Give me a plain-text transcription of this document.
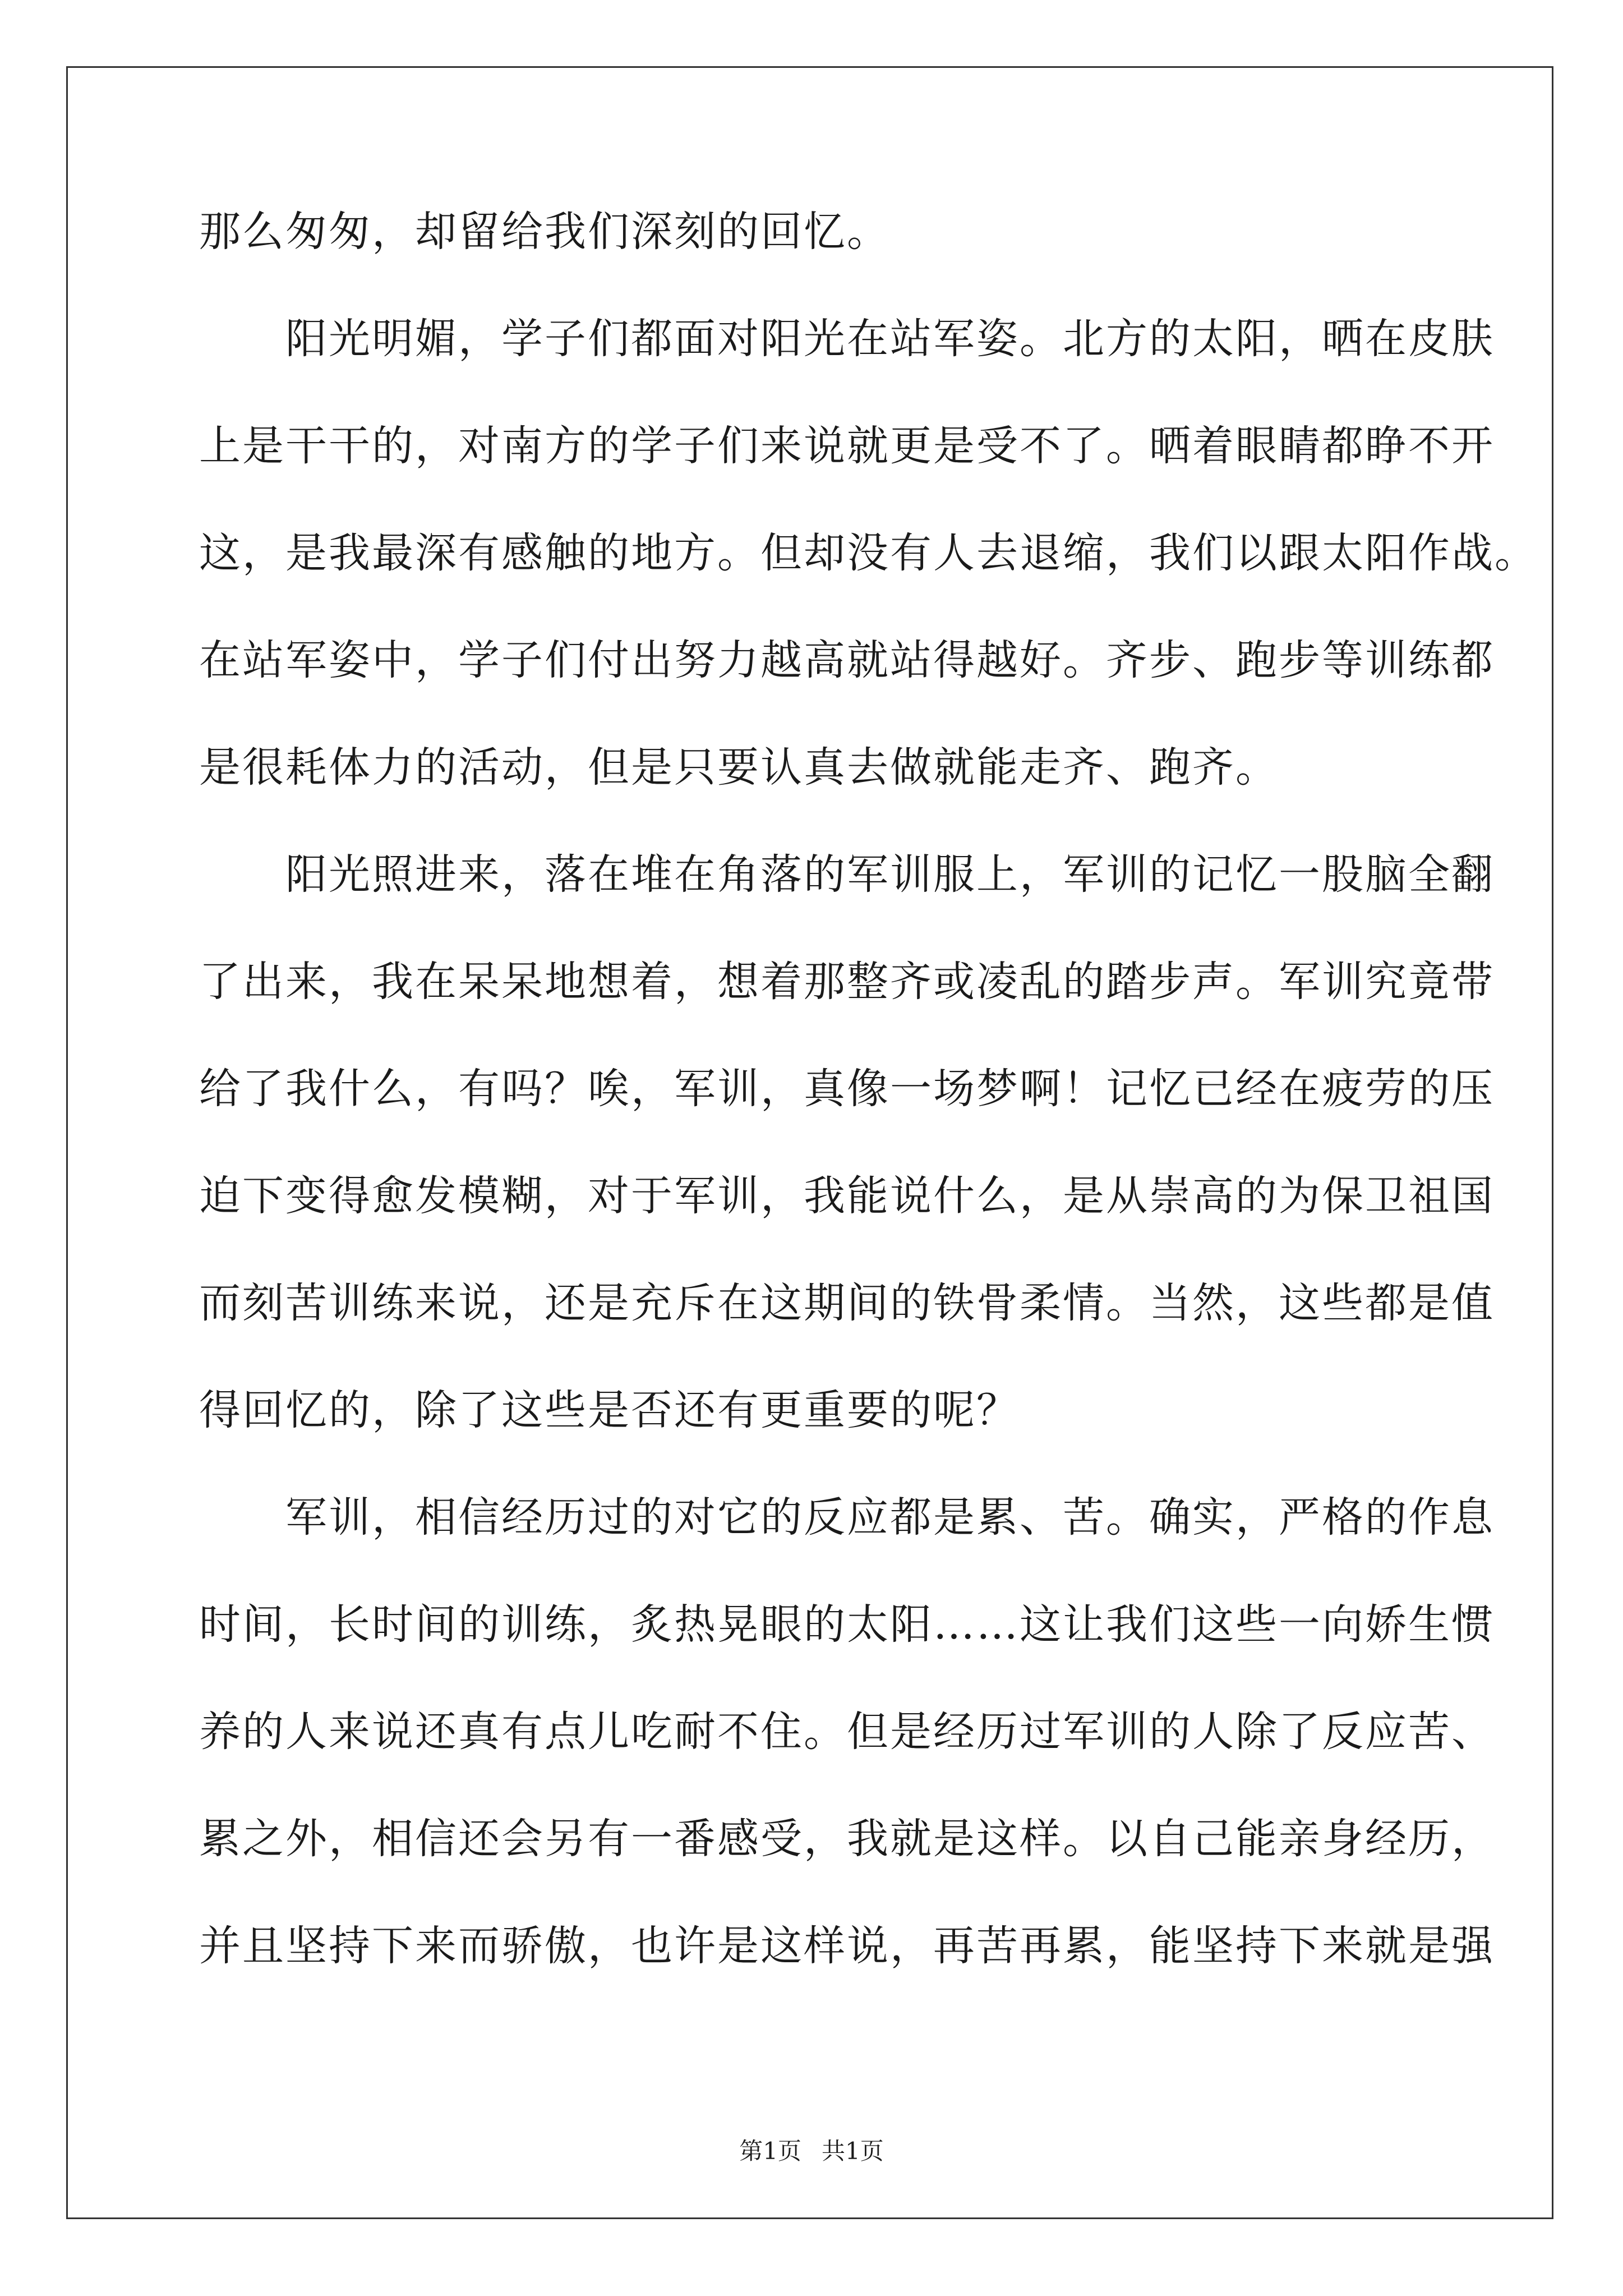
那么匆匆，却留给我们深刻的回忆。
　　阳光明媚，学子们都面对阳光在站军姿。北方的太阳，晒在皮肤
上是干干的，对南方的学子们来说就更是受不了。晒着眼睛都睁不开
这，是我最深有感触的地方。但却没有人去退缩，我们以跟太阳作战。
在站军姿中，学子们付出努力越高就站得越好。齐步、跑步等训练都
是很耗体力的活动，但是只要认真去做就能走齐、跑齐。
　　阳光照进来，落在堆在角落的军训服上，军训的记忆一股脑全翻
了出来，我在呆呆地想着，想着那整齐或凌乱的踏步声。军训究竟带
给了我什么，有吗？唉，军训，真像一场梦啊！记忆已经在疲劳的压
迫下变得愈发模糊，对于军训，我能说什么，是从崇高的为保卫祖国
而刻苦训练来说，还是充斥在这期间的铁骨柔情。当然，这些都是值
得回忆的，除了这些是否还有更重要的呢？
　　军训，相信经历过的对它的反应都是累、苦。确实，严格的作息
时间，长时间的训练，炙热晃眼的太阳……这让我们这些一向娇生惯
养的人来说还真有点儿吃耐不住。但是经历过军训的人除了反应苦、
累之外，相信还会另有一番感受，我就是这样。以自己能亲身经历，
并且坚持下来而骄傲，也许是这样说，再苦再累，能坚持下来就是强
第1页 共1页
